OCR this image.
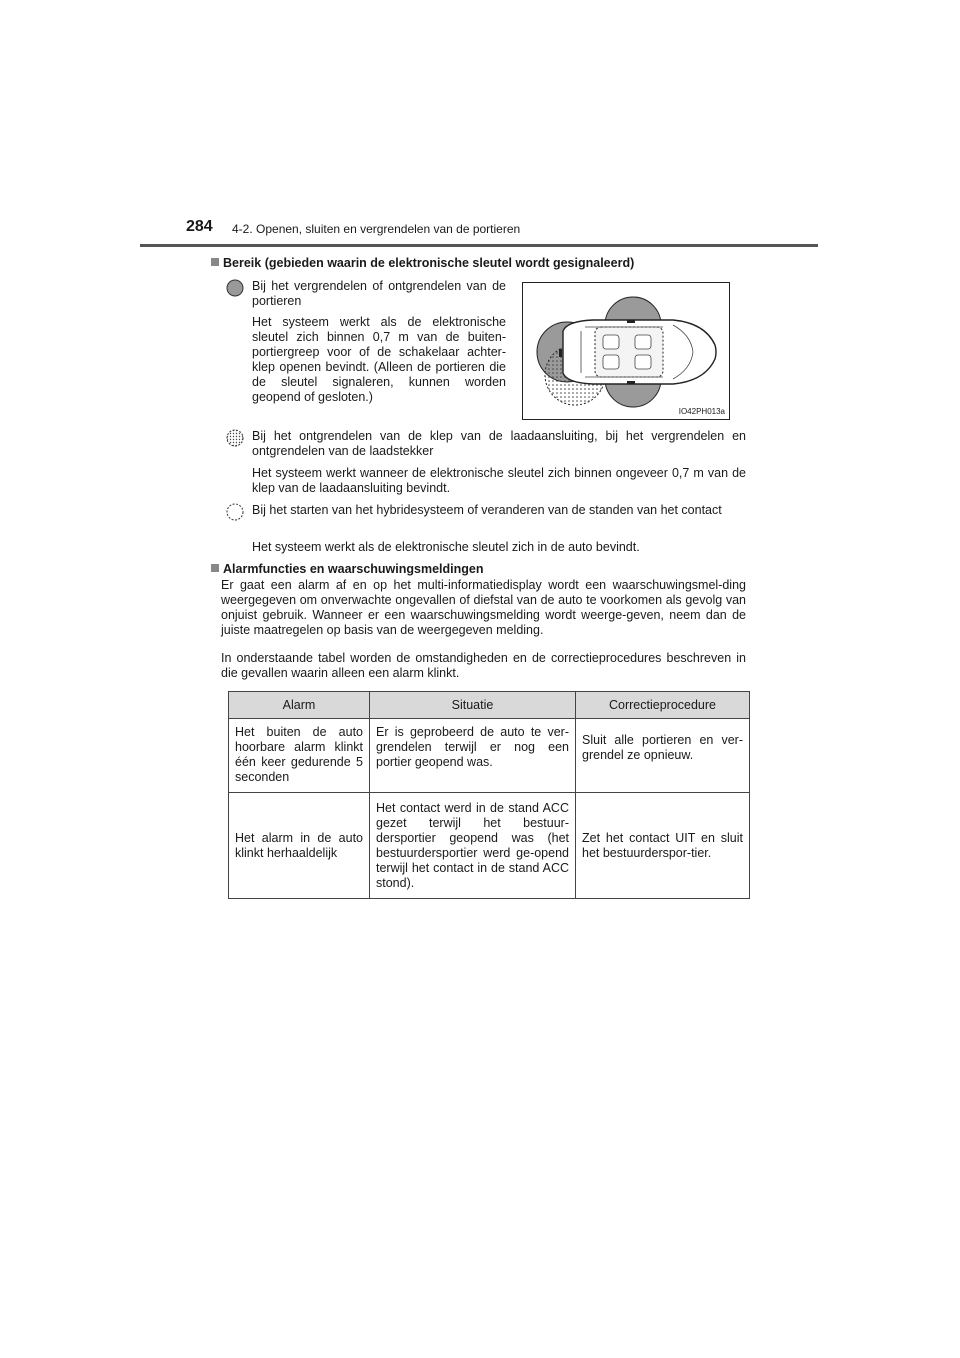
284 4-2. Openen, sluiten en vergrendelen van de portieren
Bereik (gebieden waarin de elektronische sleutel wordt gesignaleerd)

Bij het vergrendelen of ontgrendelen van de portieren

Het systeem werkt als de elektronische sleutel zich binnen 0,7 m van de buiten-portiergreep voor of de schakelaar achter-klep openen bevindt. (Alleen de portieren die de sleutel signaleren, kunnen worden geopend of gesloten.)

IO42PH013a

Bij het ontgrendelen van de klep van de laadaansluiting, bij het vergrendelen en ontgrendelen van de laadstekker

Het systeem werkt wanneer de elektronische sleutel zich binnen ongeveer 0,7 m van de klep van de laadaansluiting bevindt.

Bij het starten van het hybridesysteem of veranderen van de standen van het contact

Het systeem werkt als de elektronische sleutel zich in de auto bevindt.

Alarmfuncties en waarschuwingsmeldingen

Er gaat een alarm af en op het multi-informatiedisplay wordt een waarschuwingsmel-ding weergegeven om onverwachte ongevallen of diefstal van de auto te voorkomen als gevolg van onjuist gebruik. Wanneer er een waarschuwingsmelding wordt weerge-geven, neem dan de juiste maatregelen op basis van de weergegeven melding.

In onderstaande tabel worden de omstandigheden en de correctieprocedures beschreven in die gevallen waarin alleen een alarm klinkt.

Alarm	Situatie	Correctieprocedure
Het buiten de auto hoorbare alarm klinkt één keer gedurende 5 seconden	Er is geprobeerd de auto te ver-grendelen terwijl er nog een portier geopend was.	Sluit alle portieren en ver-grendel ze opnieuw.
Het alarm in de auto klinkt herhaaldelijk	Het contact werd in de stand ACC gezet terwijl het bestuur-dersportier geopend was (het bestuurdersportier werd ge-opend terwijl het contact in de stand ACC stond).	Zet het contact UIT en sluit het bestuurderspor-tier.
